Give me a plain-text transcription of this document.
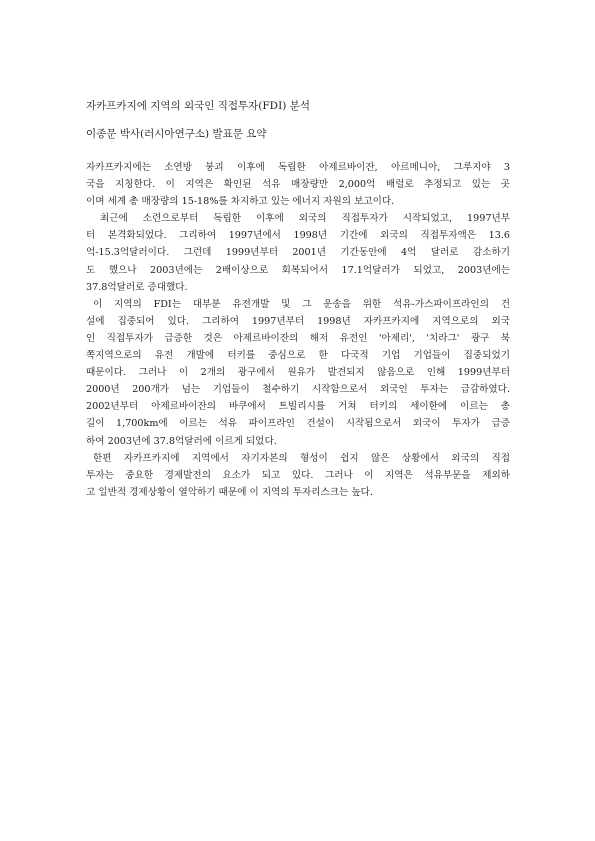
자카프카지에 지역의 외국인 직접투자(FDI) 분석
이종문 박사(러시아연구소) 발표문 요약
자카프카지에는 소연방 붕괴 이후에 독립한 아제르바이잔, 아르메니아, 그루지야 3
국을 지칭한다. 이 지역은 확인된 석유 매장량만 2,000억 배럴로 추정되고 있는 곳
이며 세계 총 매장량의 15-18%를 차지하고 있는 에너지 자원의 보고이다.
최근에 소련으로부터 독립한 이후에 외국의 직접투자가 시작되었고, 1997년부
터 본격화되었다. 그리하여 1997년에서 1998년 기간에 외국의 직접투자액은 13.6
억-15.3억달러이다. 그런데 1999년부터 2001년 기간동안에 4억 달러로 감소하기
도 했으나 2003년에는 2배이상으로 회복되어서 17.1억달러가 되었고, 2003년에는
37.8억달러로 증대했다.
이 지역의 FDI는 대부분 유전개발 및 그 운송을 위한 석유-가스파이프라인의 건
설에 집중되어 있다. 그리하여 1997년부터 1998년 자카프카지에 지역으로의 외국
인 직접투자가 급증한 것은 아제르바이잔의 해저 유전인 '아제리', '치라그' 광구 북
쪽지역으로의 유전 개발에 터키를 중심으로 한 다국적 기업 기업들이 집중되었기
때문이다. 그러나 이 2개의 광구에서 원유가 발견되지 않음으로 인해 1999년부터
2000년 200개가 넘는 기업들이 철수하기 시작함으로서 외국인 투자는 급감하였다.
2002년부터 아제르바이잔의 바쿠에서 트빌리시를 거쳐 터키의 세이한에 이르는 총
길이 1,700km에 이르는 석유 파이프라인 건설이 시작됨으로서 외국이 투자가 급증
하여 2003년에 37.8억달러에 이르게 되었다.
한편 자카프카지에 지역에서 자기자본의 형성이 쉽지 않은 상황에서 외국의 직접
투자는 중요한 경제발전의 요소가 되고 있다. 그러나 이 지역은 석유부문을 제외하
고 일반적 경제상황이 열악하기 때문에 이 지역의 투자리스크는 높다.
